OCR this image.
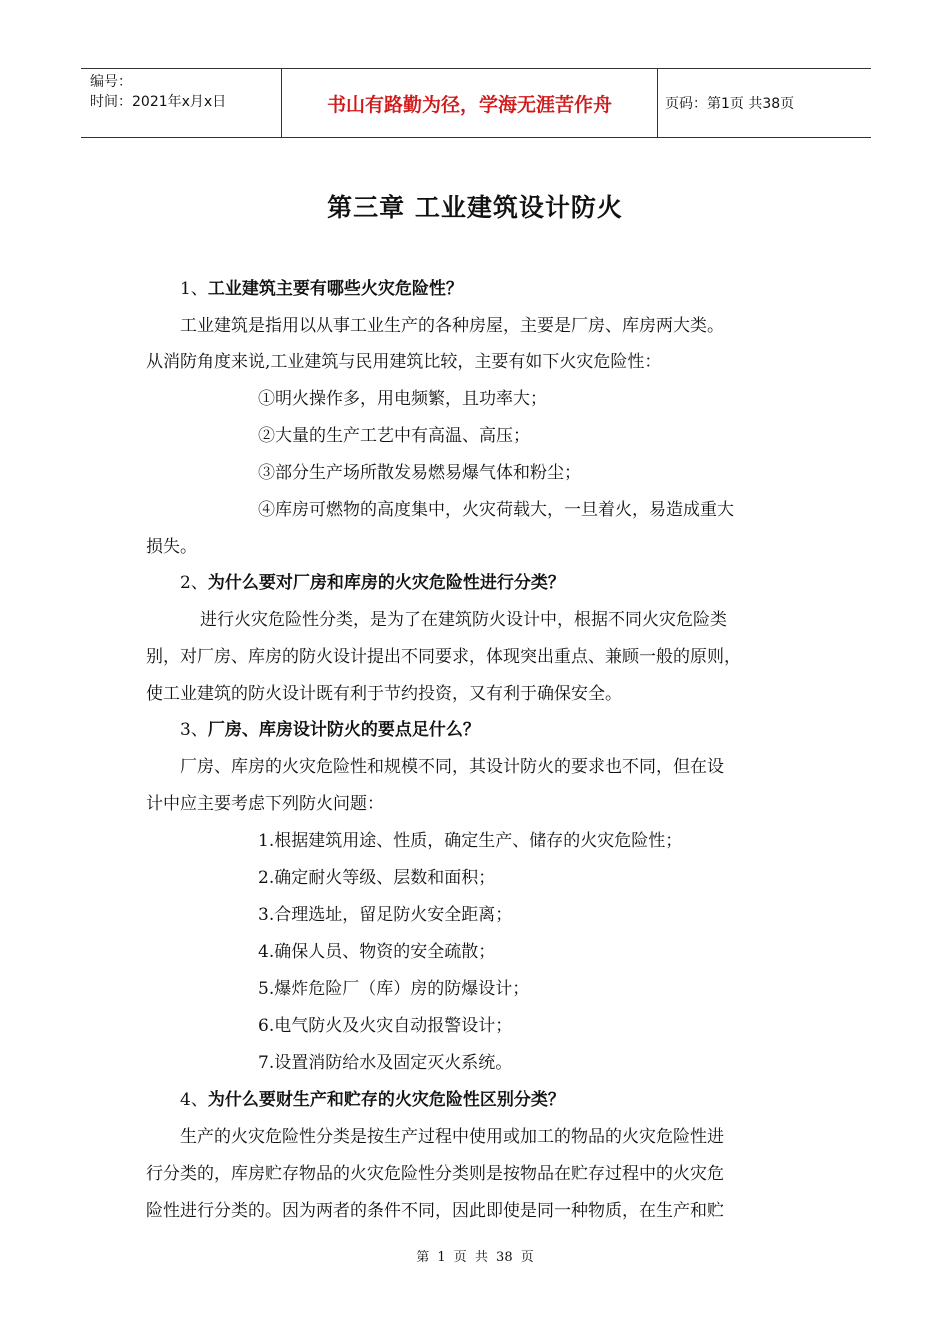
编号：
时间：2021年x月x日	书山有路勤为径，学海无涯苦作舟	页码：第1页 共38页
第三章 工业建筑设计防火
1、工业建筑主要有哪些火灾危险性？
工业建筑是指用以从事工业生产的各种房屋，主要是厂房、库房两大类。
从消防角度来说,工业建筑与民用建筑比较，主要有如下火灾危险性：
①明火操作多，用电频繁，且功率大；
②大量的生产工艺中有高温、高压；
③部分生产场所散发易燃易爆气体和粉尘；
④库房可燃物的高度集中，火灾荷载大，一旦着火，易造成重大
损失。
2、为什么要对厂房和库房的火灾危险性进行分类？
进行火灾危险性分类，是为了在建筑防火设计中，根据不同火灾危险类
别，对厂房、库房的防火设计提出不同要求，体现突出重点、兼顾一般的原则，
使工业建筑的防火设计既有利于节约投资，又有利于确保安全。
3、厂房、库房设计防火的要点足什么？
厂房、库房的火灾危险性和规模不同，其设计防火的要求也不同，但在设
计中应主要考虑下列防火问题：
1.根据建筑用途、性质，确定生产、储存的火灾危险性；
2.确定耐火等级、层数和面积；
3.合理选址，留足防火安全距离；
4.确保人员、物资的安全疏散；
5.爆炸危险厂（库）房的防爆设计；
6.电气防火及火灾自动报警设计；
7.设置消防给水及固定灭火系统。
4、为什么要财生产和贮存的火灾危险性区别分类？
生产的火灾危险性分类是按生产过程中使用或加工的物品的火灾危险性进
行分类的，库房贮存物品的火灾危险性分类则是按物品在贮存过程中的火灾危
险性进行分类的。因为两者的条件不同，因此即使是同一种物质，在生产和贮
第 1 页 共 38 页
